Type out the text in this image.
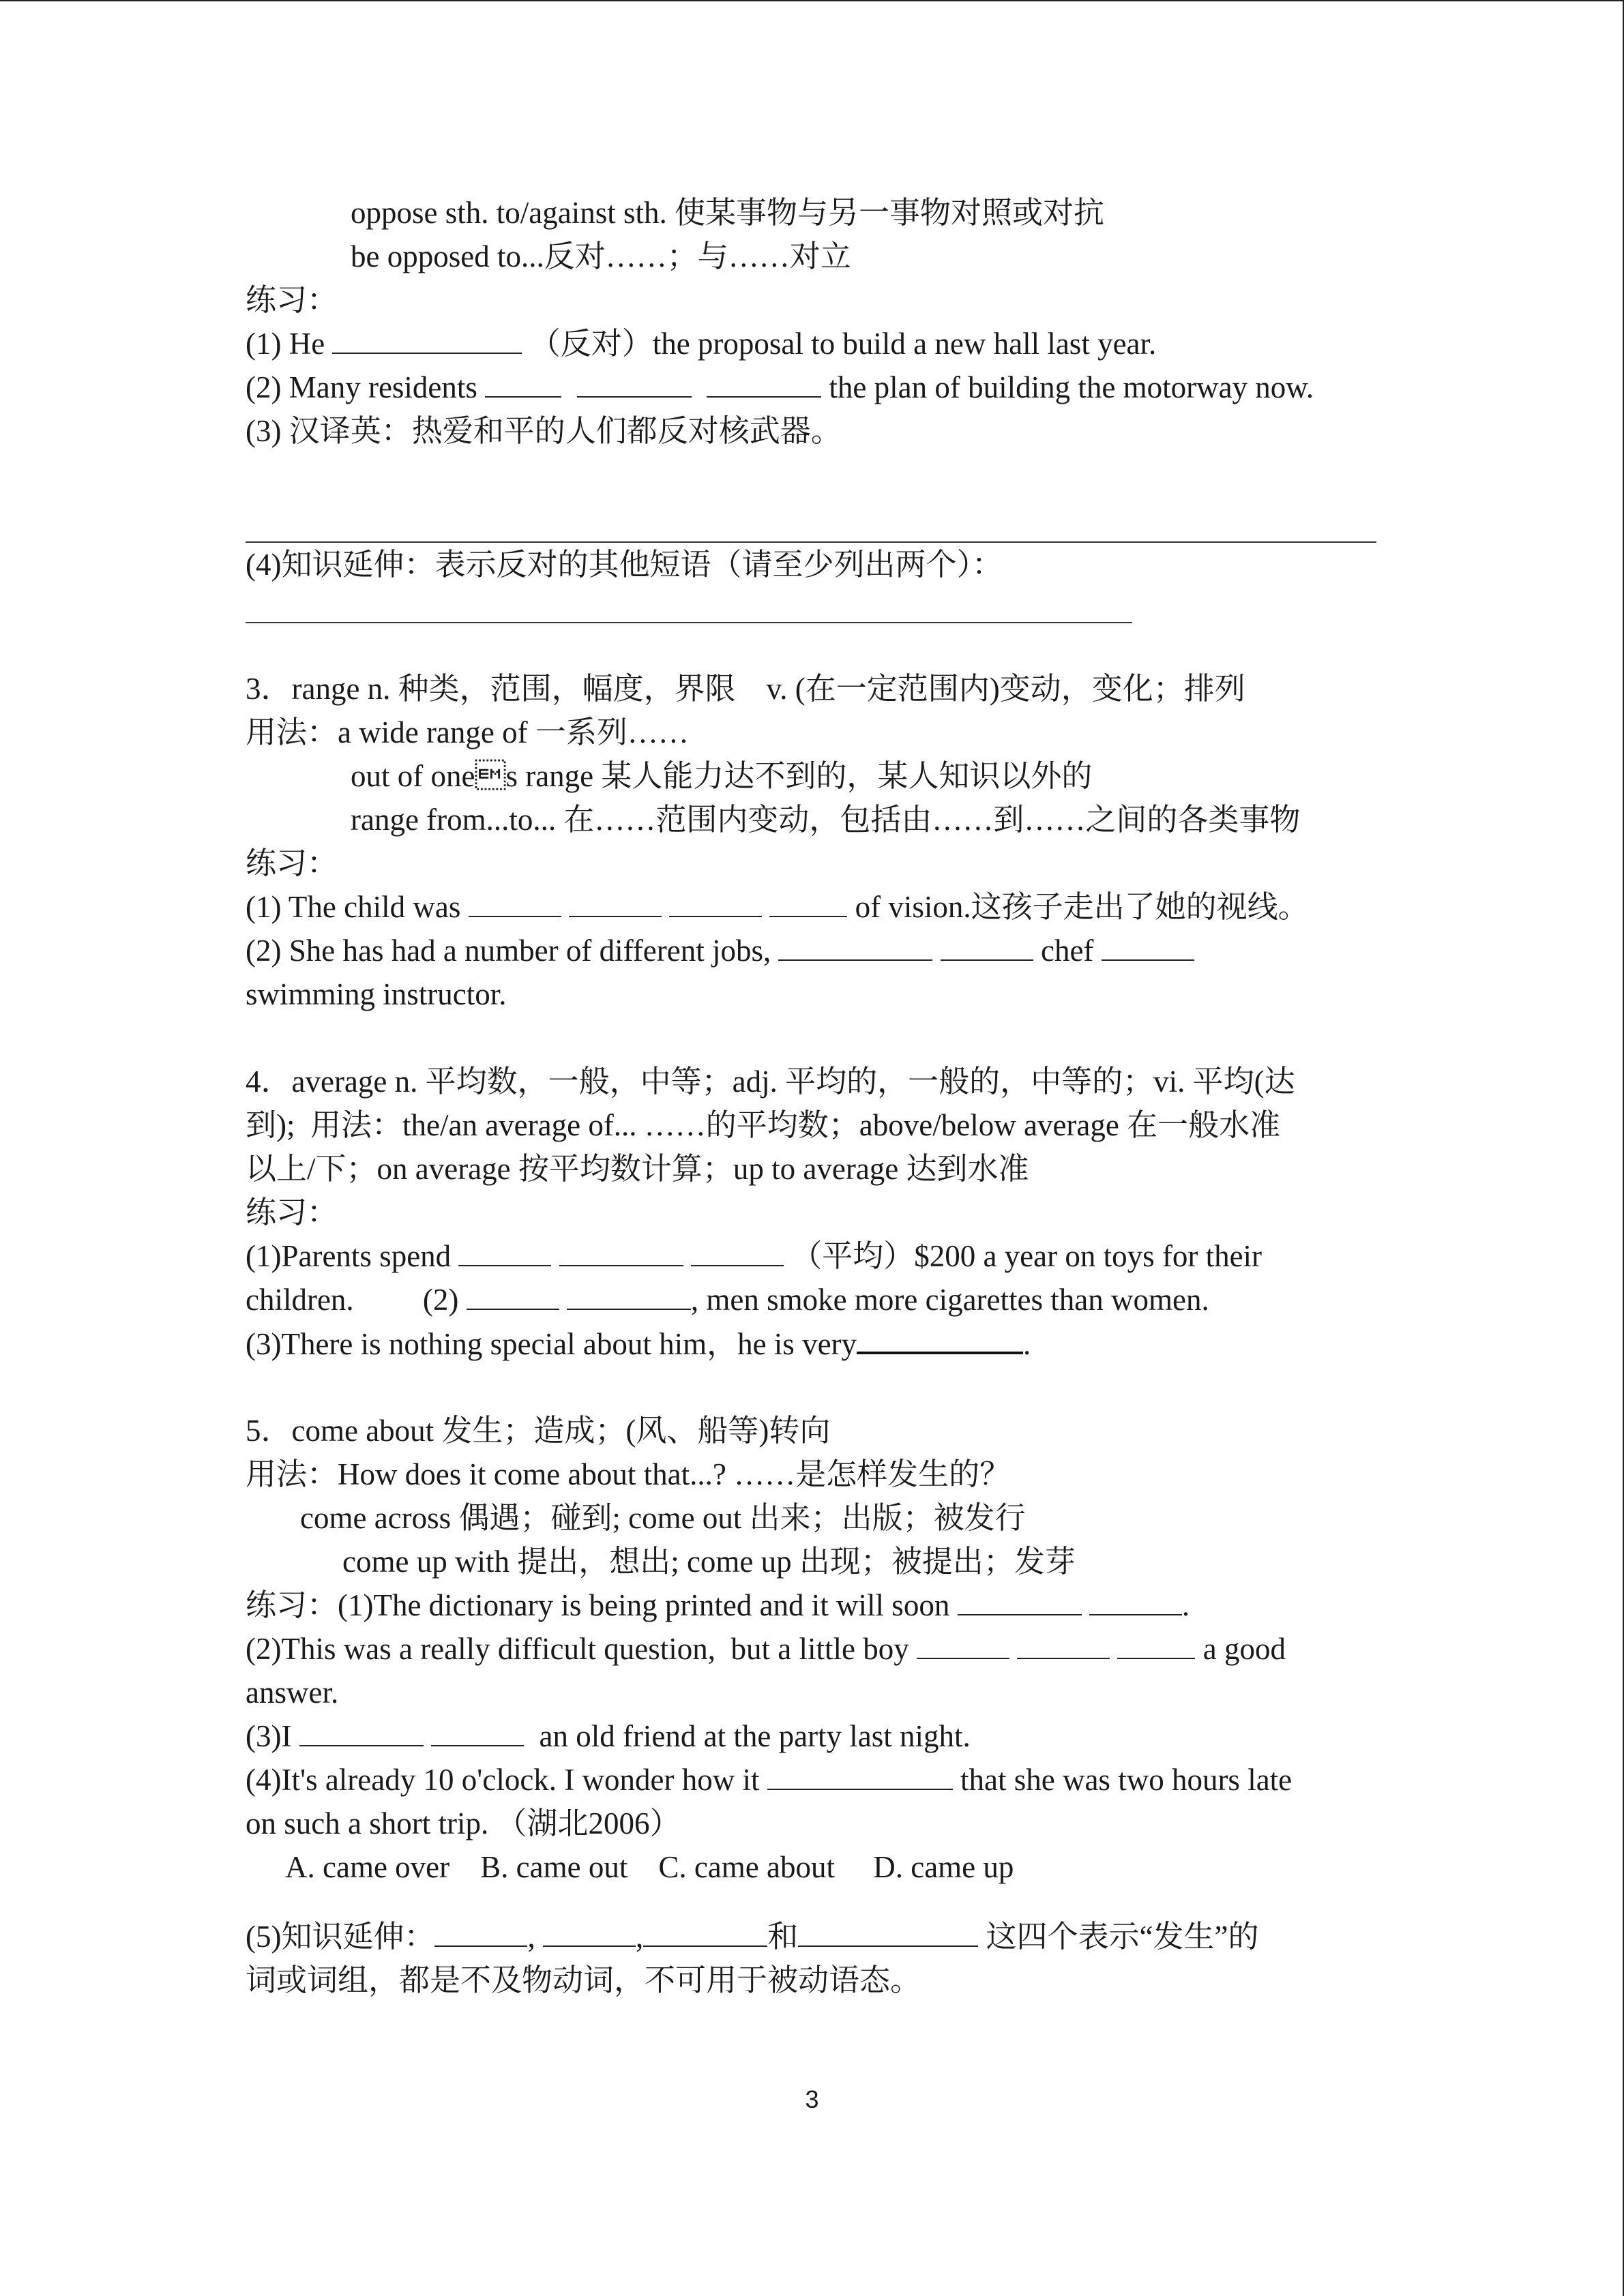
oppose sth. to/against sth. 使某事物与另一事物对照或对抗
be opposed to...反对……；与……对立
练习：
(1) He	（反对）the proposal to build a new hall last year.
(2) Many residents	the plan of building the motorway now.
(3) 汉译英：热爱和平的人们都反对核武器。
(4)知识延伸：表示反对的其他短语（请至少列出两个）：
3．range n. 种类，范围，幅度，界限    v. (在一定范围内)变动，变化；排列
用法：a wide range of 一系列……
out of ones range 某人能力达不到的，某人知识以外的
range from...to... 在……范围内变动，包括由……到……之间的各类事物
练习：
(1) The child was	of vision.这孩子走出了她的视线。
(2) She has had a number of different jobs,	chef
swimming instructor.
4．average n. 平均数，一般，中等；adj. 平均的，一般的，中等的；vi. 平均(达
到);  用法：the/an average of... ……的平均数；above/below average 在一般水准
以上/下；on average 按平均数计算；up to average 达到水准
练习：
(1)Parents spend	（平均）$200 a year on toys for their
children.         (2)	, men smoke more cigarettes than women.
(3)There is nothing special about him，he is very	.
5．come about 发生；造成；(风、船等)转向
用法：How does it come about that...? ……是怎样发生的？
come across 偶遇；碰到; come out 出来；出版；被发行
come up with 提出，想出; come up 出现；被提出；发芽
练习：(1)The dictionary is being printed and it will soon	.
(2)This was a really difficult question,  but a little boy	a good
answer.
(3)I	an old friend at the party last night.
(4)It's already 10 o'clock. I wonder how it	that she was two hours late
on such a short trip. （湖北2006）
A. came over    B. came out    C. came about     D. came up
(5)知识延伸：	,	,	和	这四个表示“发生”的
词或词组，都是不及物动词，不可用于被动语态。
3
